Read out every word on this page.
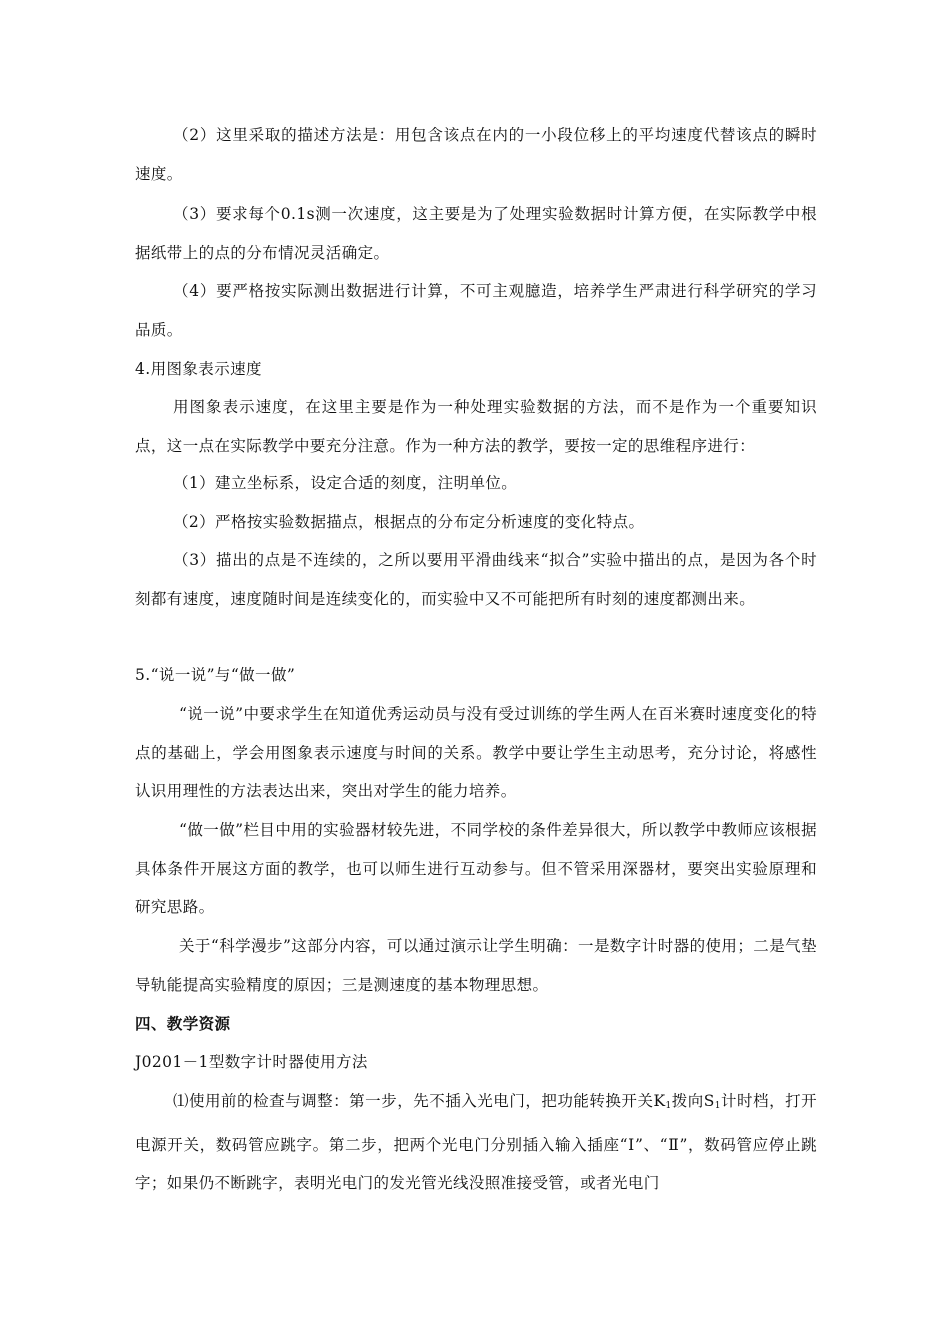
（2）这里采取的描述方法是：用包含该点在内的一小段位移上的平均速度代替该点的瞬时速度。

（3）要求每个0.1s测一次速度，这主要是为了处理实验数据时计算方便，在实际教学中根据纸带上的点的分布情况灵活确定。

（4）要严格按实际测出数据进行计算，不可主观臆造，培养学生严肃进行科学研究的学习品质。

4.用图象表示速度

用图象表示速度，在这里主要是作为一种处理实验数据的方法，而不是作为一个重要知识点，这一点在实际教学中要充分注意。作为一种方法的教学，要按一定的思维程序进行：

（1）建立坐标系，设定合适的刻度，注明单位。

（2）严格按实验数据描点，根据点的分布定分析速度的变化特点。

（3）描出的点是不连续的，之所以要用平滑曲线来“拟合”实验中描出的点，是因为各个时刻都有速度，速度随时间是连续变化的，而实验中又不可能把所有时刻的速度都测出来。

5.“说一说”与“做一做”

“说一说”中要求学生在知道优秀运动员与没有受过训练的学生两人在百米赛时速度变化的特点的基础上，学会用图象表示速度与时间的关系。教学中要让学生主动思考，充分讨论，将感性认识用理性的方法表达出来，突出对学生的能力培养。

“做一做”栏目中用的实验器材较先进，不同学校的条件差异很大，所以教学中教师应该根据具体条件开展这方面的教学，也可以师生进行互动参与。但不管采用深器材，要突出实验原理和研究思路。

关于“科学漫步”这部分内容，可以通过演示让学生明确：一是数字计时器的使用；二是气垫导轨能提高实验精度的原因；三是测速度的基本物理思想。

四、教学资源

J0201－1型数字计时器使用方法

⑴使用前的检查与调整：第一步，先不插入光电门，把功能转换开关$K_1$拨向$S_1$计时档，打开电源开关，数码管应跳字。第二步，把两个光电门分别插入输入插座“Ⅰ”、“Ⅱ”，数码管应停止跳字；如果仍不断跳字，表明光电门的发光管光线没照准接受管，或者光电门
